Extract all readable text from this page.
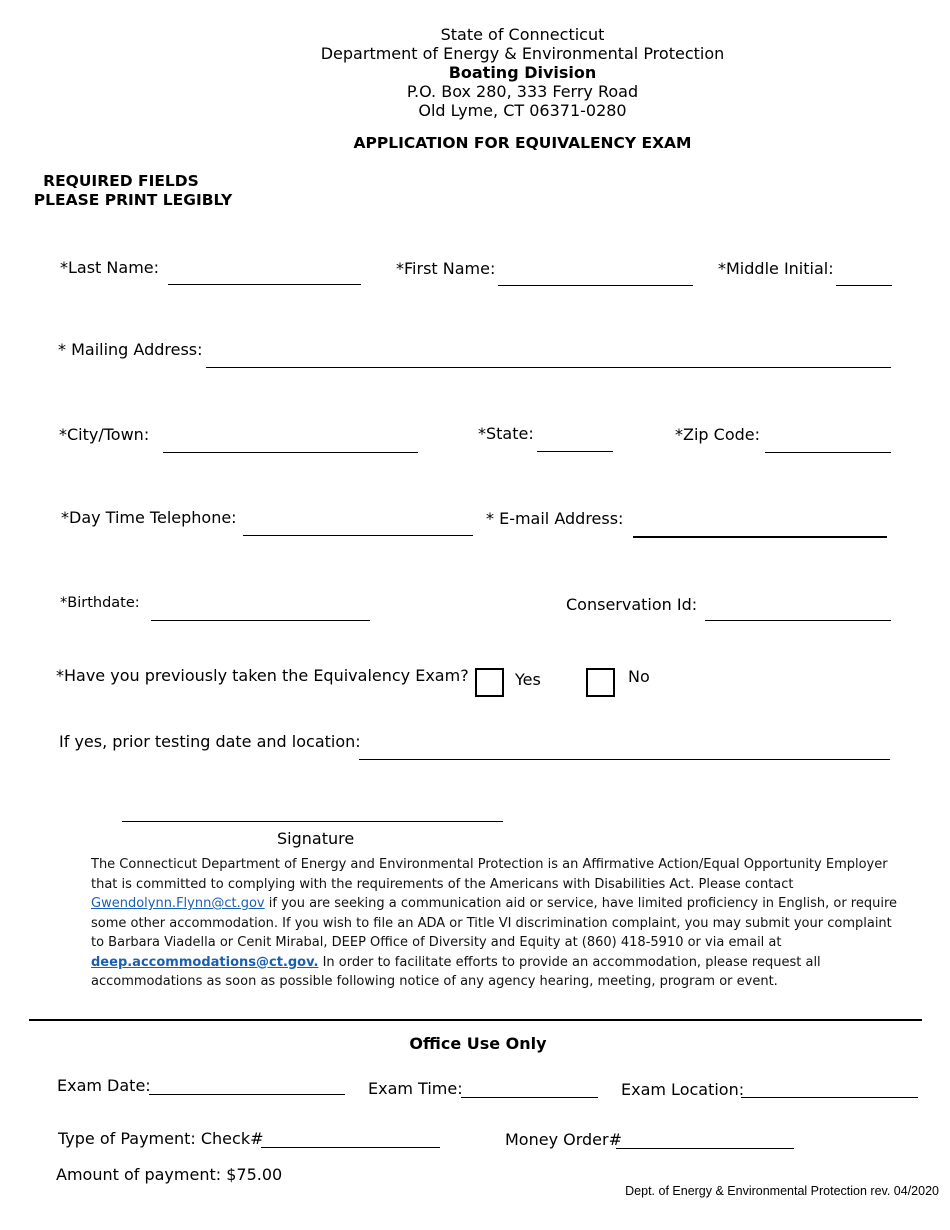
State of Connecticut
Department of Energy & Environmental Protection
Boating Division
P.O. Box 280, 333 Ferry Road
Old Lyme, CT 06371-0280
APPLICATION FOR EQUIVALENCY EXAM
REQUIRED FIELDS
PLEASE PRINT LEGIBLY
*Last Name:	*First Name:	*Middle Initial:
* Mailing Address:
*City/Town:	*State:	*Zip Code:
*Day Time Telephone:	* E-mail Address:
*Birthdate:	Conservation Id:
*Have you previously taken the Equivalency Exam?	Yes	No
If yes, prior testing date and location:
Signature
The Connecticut Department of Energy and Environmental Protection is an Affirmative Action/Equal Opportunity Employer that is committed to complying with the requirements of the Americans with Disabilities Act. Please contact Gwendolynn.Flynn@ct.gov if you are seeking a communication aid or service, have limited proficiency in English, or require some other accommodation. If you wish to file an ADA or Title VI discrimination complaint, you may submit your complaint to Barbara Viadella or Cenit Mirabal, DEEP Office of Diversity and Equity at (860) 418-5910 or via email at deep.accommodations@ct.gov. In order to facilitate efforts to provide an accommodation, please request all accommodations as soon as possible following notice of any agency hearing, meeting, program or event.
Office Use Only
Exam Date:	Exam Time:	Exam Location:
Type of Payment: Check#	Money Order#
Amount of payment: $75.00
Dept. of Energy & Environmental Protection rev. 04/2020
